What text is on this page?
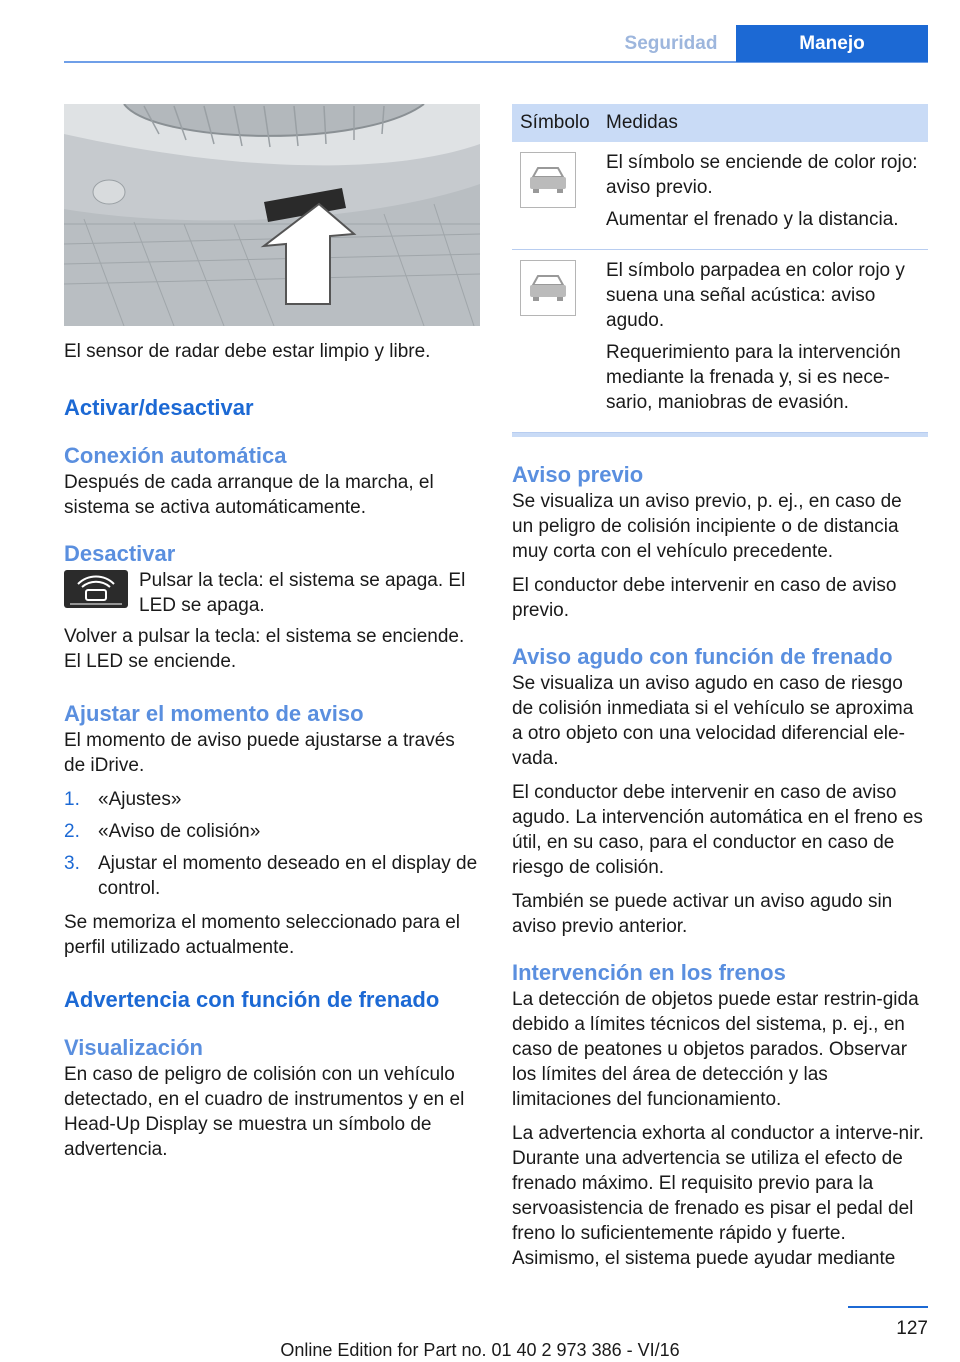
Seguridad	Manejo

El sensor de radar debe estar limpio y libre.

Activar/desactivar
Conexión automática

Después de cada arranque de la marcha, el sistema se activa automáticamente.

Desactivar

Pulsar la tecla: el sistema se apaga. El LED se apaga.

Volver a pulsar la tecla: el sistema se enciende. El LED se enciende.

Ajustar el momento de aviso

El momento de aviso puede ajustarse a través de iDrive.

1. «Ajustes»
2. «Aviso de colisión»
3. Ajustar el momento deseado en el display de control.

Se memoriza el momento seleccionado para el perfil utilizado actualmente.

Advertencia con función de frenado
Visualización

En caso de peligro de colisión con un vehículo detectado, en el cuadro de instrumentos y en el Head-Up Display se muestra un símbolo de advertencia.

Símbolo	Medidas

El símbolo se enciende de color rojo: aviso previo.

Aumentar el frenado y la distancia.

El símbolo parpadea en color rojo y suena una señal acústica: aviso agudo.

Requerimiento para la intervención mediante la frenada y, si es nece-sario, maniobras de evasión.

Aviso previo

Se visualiza un aviso previo, p. ej., en caso de un peligro de colisión incipiente o de distancia muy corta con el vehículo precedente.

El conductor debe intervenir en caso de aviso previo.

Aviso agudo con función de frenado

Se visualiza un aviso agudo en caso de riesgo de colisión inmediata si el vehículo se aproxima a otro objeto con una velocidad diferencial ele-vada.

El conductor debe intervenir en caso de aviso agudo. La intervención automática en el freno es útil, en su caso, para el conductor en caso de riesgo de colisión.

También se puede activar un aviso agudo sin aviso previo anterior.

Intervención en los frenos

La detección de objetos puede estar restrin-gida debido a límites técnicos del sistema, p. ej., en caso de peatones u objetos parados. Observar los límites del área de detección y las limitaciones del funcionamiento.

La advertencia exhorta al conductor a interve-nir. Durante una advertencia se utiliza el efecto de frenado máximo. El requisito previo para la servoasistencia de frenado es pisar el pedal del freno lo suficientemente rápido y fuerte. Asimismo, el sistema puede ayudar mediante

127
Online Edition for Part no. 01 40 2 973 386 - VI/16
